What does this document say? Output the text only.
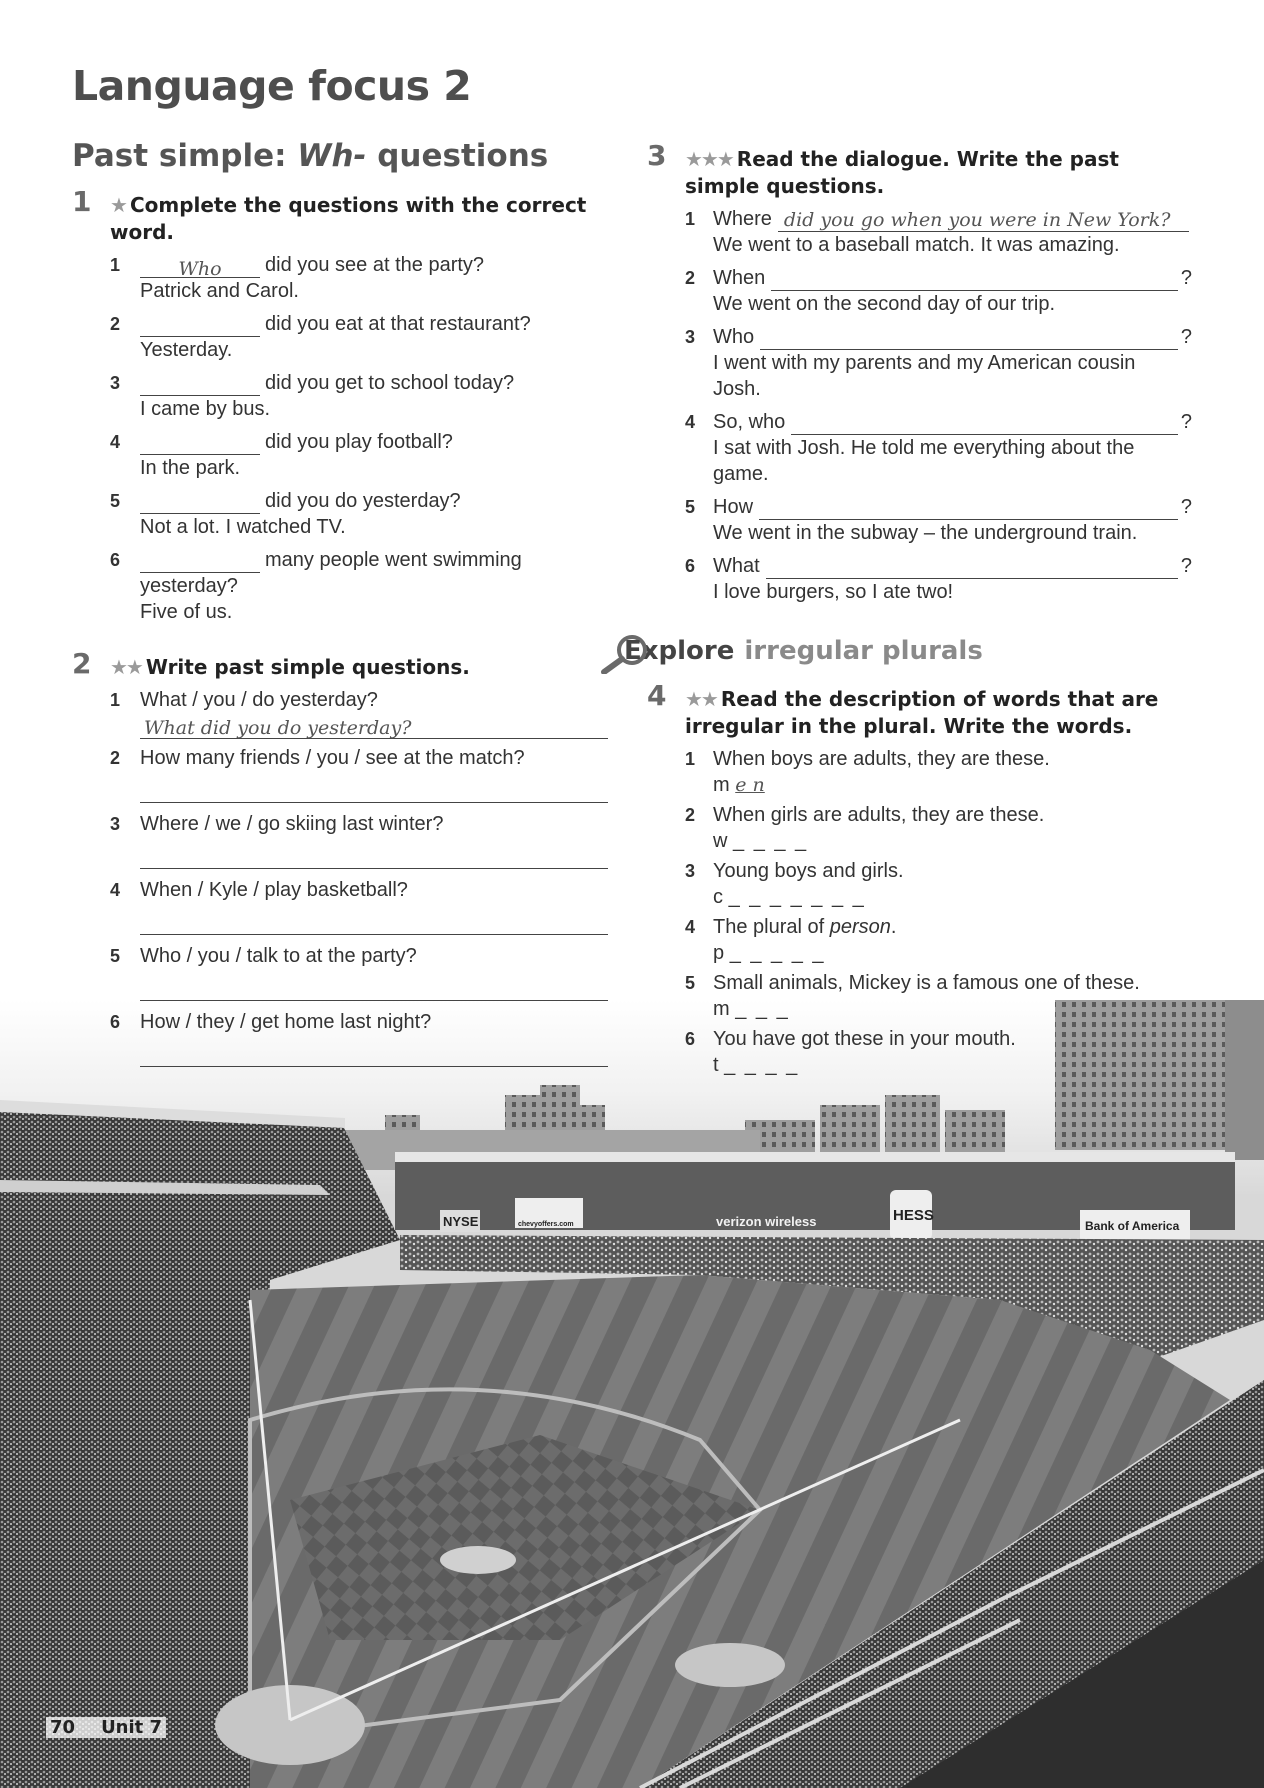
NYSE	chevyoffers.com	verizon wireless	HESS
Bank of America
Language focus 2
Past simple: Wh- questions
1 ★ Complete the questions with the correct word.
1	Who did you see at the party?

Patrick and Carol.

2	did you eat at that restaurant?

Yesterday.

3	did you get to school today?

I came by bus.

4	did you play football?

In the park.

5	did you do yesterday?

Not a lot. I watched TV.

6	many people went swimming

yesterday?

Five of us.

2 ★★ Write past simple questions.
1 What / you / do yesterday?

What did you do yesterday?
2 How many friends / you / see at the match?

3 Where / we / go skiing last winter?

4 When / Kyle / play basketball?

5 Who / you / talk to at the party?

6 How / they / get home last night?

3 ★★★ Read the dialogue. Write the past simple questions.
1 Where did you go when you were in New York?

We went to a baseball match. It was amazing.

2 When	?

We went on the second day of our trip.

3 Who	?

I went with my parents and my American cousin Josh.

4 So, who	?

I sat with Josh. He told me everything about the game.

5 How	?

We went in the subway – the underground train.

6 What	?

I love burgers, so I ate two!

Explore irregular plurals
4 ★★ Read the description of words that are irregular in the plural. Write the words.
1 When boys are adults, they are these.

m e n

2 When girls are adults, they are these.

w _ _ _ _

3 Young boys and girls.

c _ _ _ _ _ _ _

4 The plural of person.

p _ _ _ _ _

5 Small animals, Mickey is a famous one of these.

m _ _ _

6 You have got these in your mouth.

t _ _ _ _

70 Unit 7
